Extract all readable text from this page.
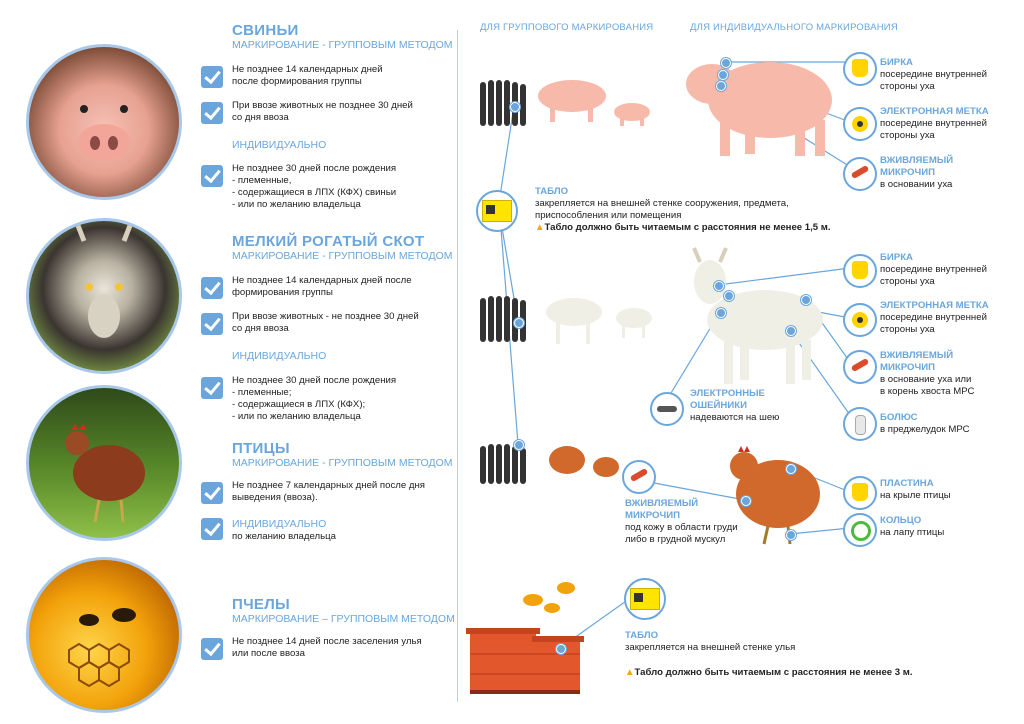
СВИНЬИ
МАРКИРОВАНИЕ - ГРУППОВЫМ МЕТОДОМ
Не позднее 14 календарных дней
после формирования группы
При ввозе животных не позднее 30 дней
со дня ввоза
ИНДИВИДУАЛЬНО
Не позднее 30 дней после рождения
- племенные,
- содержащиеся в ЛПХ (КФХ) свиньи
- или по желанию владельца
МЕЛКИЙ РОГАТЫЙ СКОТ
МАРКИРОВАНИЕ - ГРУППОВЫМ МЕТОДОМ
Не позднее 14 календарных дней после
формирования группы
При ввозе животных - не позднее 30 дней
со дня ввоза
ИНДИВИДУАЛЬНО
Не позднее 30 дней после рождения
- племенные;
- содержащиеся в ЛПХ (КФХ);
- или по желанию владельца
ПТИЦЫ
МАРКИРОВАНИЕ - ГРУППОВЫМ МЕТОДОМ
Не позднее 7 календарных дней после дня
выведения (ввоза).
ИНДИВИДУАЛЬНО
по желанию владельца
ПЧЕЛЫ
МАРКИРОВАНИЕ – ГРУППОВЫМ МЕТОДОМ
Не позднее 14 дней после заселения улья
или после ввоза
ДЛЯ ГРУППОВОГО МАРКИРОВАНИЯ	ДЛЯ ИНДИВИДУАЛЬНОГО МАРКИРОВАНИЯ
БИРКА
посередине внутренней
стороны уха
ЭЛЕКТРОННАЯ МЕТКА
посередине внутренней
стороны уха
ВЖИВЛЯЕМЫЙ
МИКРОЧИП
в основании уха
ТАБЛО
закрепляется на внешней стенке сооружения, предмета,
приспособления или помещения
▲Табло должно быть читаемым с расстояния не менее 1,5 м.
БИРКА
посередине внутренней
стороны уха
ЭЛЕКТРОННАЯ МЕТКА
посередине внутренней
стороны уха
ВЖИВЛЯЕМЫЙ
МИКРОЧИП
в основание уха или
в корень хвоста МРС
БОЛЮС
в преджелудок МРС
ЭЛЕКТРОННЫЕ
ОШЕЙНИКИ
надеваются на шею
ВЖИВЛЯЕМЫЙ
МИКРОЧИП
под кожу в области груди
либо в грудной мускул
ПЛАСТИНА
на крыле птицы
КОЛЬЦО
на лапу птицы
ТАБЛО
закрепляется на внешней стенке улья
▲Табло должно быть читаемым с расстояния не менее 3 м.
